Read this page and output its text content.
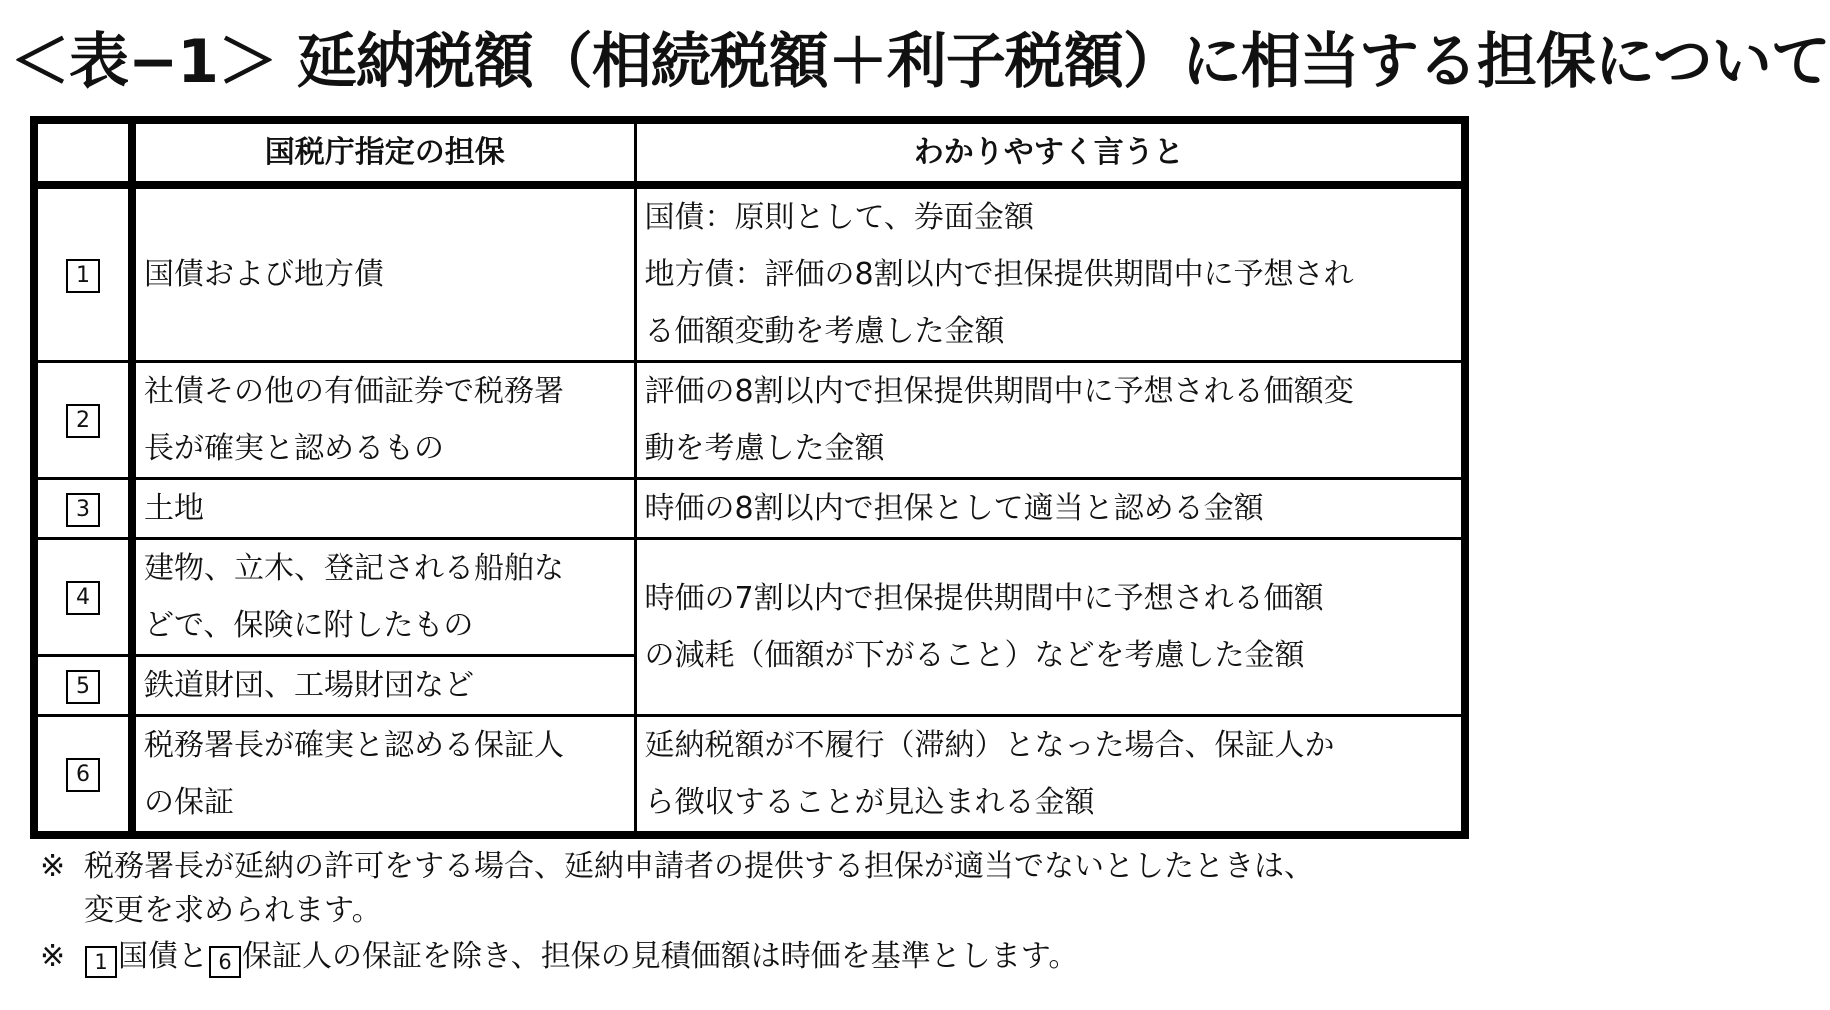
＜表−1＞ 延納税額（相続税額＋利子税額）に相当する担保について
	国税庁指定の担保	わかりやすく言うと
1	国債および地方債	国債：原則として、券面金額
地方債：評価の8割以内で担保提供期間中に予想され
る価額変動を考慮した金額

2	社債その他の有価証券で税務署
長が確実と認めるもの	評価の8割以内で担保提供期間中に予想される価額変
動を考慮した金額

3	土地	時価の8割以内で担保として適当と認める金額

4	建物、立木、登記される船舶な
どで、保険に附したもの	時価の7割以内で担保提供期間中に予想される価額
の減耗（価額が下がること）などを考慮した金額

5	鉄道財団、工場財団など	

6	税務署長が確実と認める保証人
の保証	延納税額が不履行（滞納）となった場合、保証人か
ら徴収することが見込まれる金額
※ 税務署長が延納の許可をする場合、延納申請者の提供する担保が適当でないとしたときは、
変更を求められます。
※	1 国債と 6 保証人の保証を除き、担保の見積価額は時価を基準とします。
